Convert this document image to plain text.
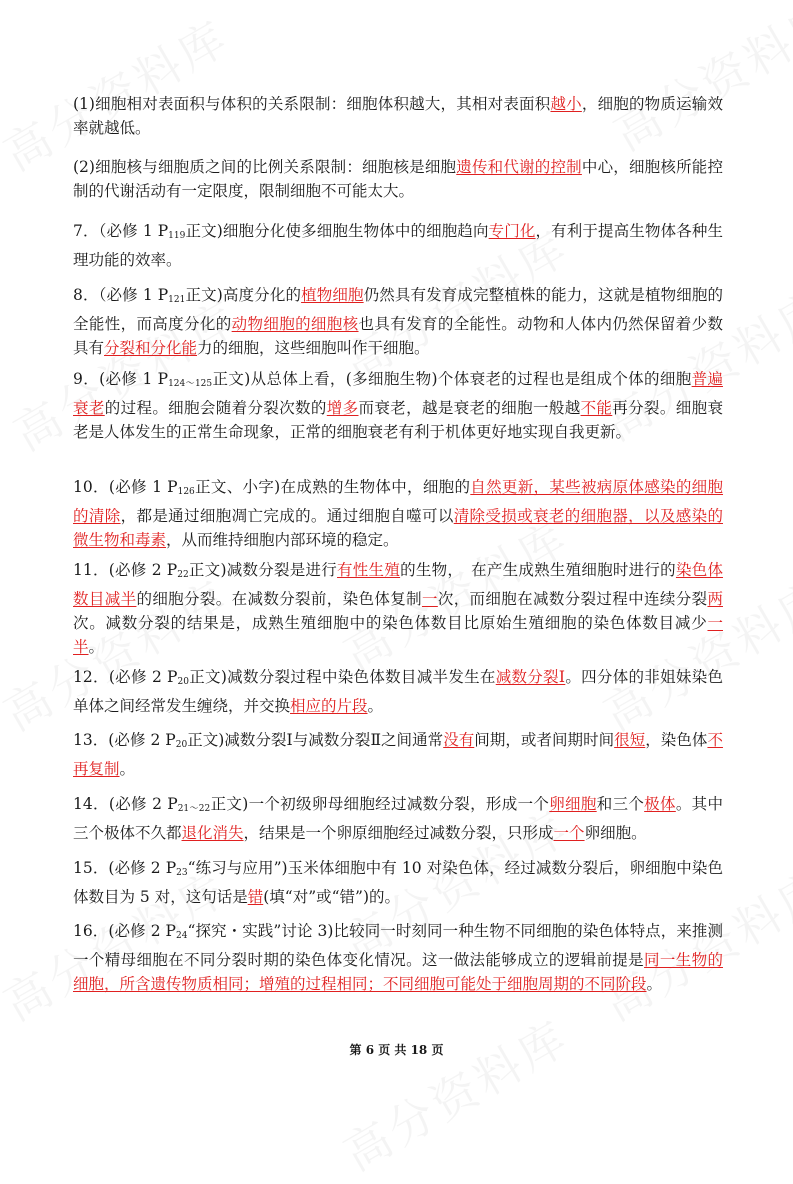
(1)细胞相对表面积与体积的关系限制：细胞体积越大，其相对表面积越小，细胞的物质运输效率就越低。

(2)细胞核与细胞质之间的比例关系限制：细胞核是细胞遗传和代谢的控制中心，细胞核所能控制的代谢活动有一定限度，限制细胞不可能太大。

7．（必修 1 $P_{119}$正文)细胞分化使多细胞生物体中的细胞趋向专门化，有利于提高生物体各种生理功能的效率。

8．（必修 1 $P_{121}$正文)高度分化的植物细胞仍然具有发育成完整植株的能力，这就是植物细胞的全能性，而高度分化的动物细胞的细胞核也具有发育的全能性。动物和人体内仍然保留着少数具有分裂和分化能力的细胞，这些细胞叫作干细胞。

9．(必修 1 $P_{124\sim 125}$正文)从总体上看，(多细胞生物)个体衰老的过程也是组成个体的细胞普遍衰老的过程。细胞会随着分裂次数的增多而衰老，越是衰老的细胞一般越不能再分裂。细胞衰老是人体发生的正常生命现象，正常的细胞衰老有利于机体更好地实现自我更新。

10．(必修 1 $P_{126}$正文、小字)在成熟的生物体中，细胞的自然更新，某些被病原体感染的细胞的清除，都是通过细胞凋亡完成的。通过细胞自噬可以清除受损或衰老的细胞器，以及感染的微生物和毒素，从而维持细胞内部环境的稳定。

11．(必修 2 $P_{22}$正文)减数分裂是进行有性生殖的生物，　在产生成熟生殖细胞时进行的染色体数目减半的细胞分裂。在减数分裂前，染色体复制一次，而细胞在减数分裂过程中连续分裂两次。减数分裂的结果是，成熟生殖细胞中的染色体数目比原始生殖细胞的染色体数目减少一半。

12．(必修 2 $P_{20}$正文)减数分裂过程中染色体数目减半发生在减数分裂Ⅰ。四分体的非姐妹染色单体之间经常发生缠绕，并交换相应的片段。

13．(必修 2 $P_{20}$正文)减数分裂Ⅰ与减数分裂Ⅱ之间通常没有间期，或者间期时间很短，染色体不再复制。

14．(必修 2 $P_{21\sim 22}$正文)一个初级卵母细胞经过减数分裂，形成一个卵细胞和三个极体。其中三个极体不久都退化消失，结果是一个卵原细胞经过减数分裂，只形成一个卵细胞。

15．(必修 2 $P_{23}“$练习与应用”)玉米体细胞中有 10 对染色体，经过减数分裂后，卵细胞中染色体数目为 5 对，这句话是错(填“对”或“错”)的。

16．(必修 2 $P_{24}“$探究・实践”讨论 3)比较同一时刻同一种生物不同细胞的染色体特点，来推测一个精母细胞在不同分裂时期的染色体变化情况。这一做法能够成立的逻辑前提是同一生物的细胞，所含遗传物质相同；增殖的过程相同；不同细胞可能处于细胞周期的不同阶段。

第 6 页 共 18 页
